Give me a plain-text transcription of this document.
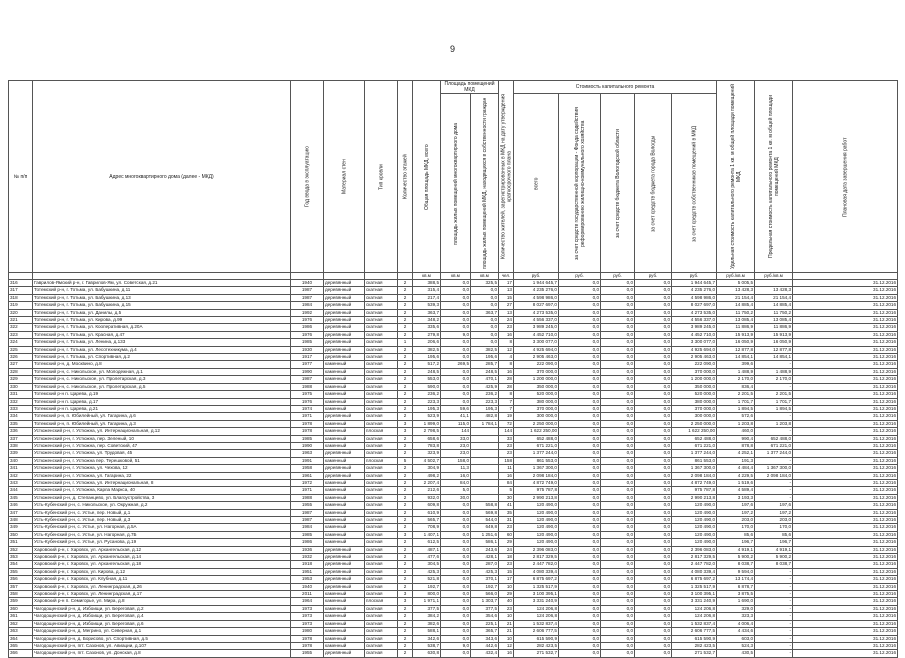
9
№ п/п	Адрес многоквартирного дома (далее - МКД)	Год ввода в эксплуатацию	Материал стен	Тип кровли	Количество этажей	Общая площадь МКД, всего	Площадь помещений МКД		Количество жителей, зарегистрированных в МКД на дату утверждения краткосрочного плана	Стоимость капитального ремонта					Удельная стоимость капитального ремонта 1 кв. м общей площади помещений МКД	Предельная стоимость капитального ремонта 1 кв. м общей площади помещений МКД	Плановая дата завершения работ
							площадь жилых помещений многоквартирного дома	площадь жилых помещений МКД, находящихся в собственности граждан		всего	за счет средств государственной корпорации - Фонда содействия реформированию жилищно-коммунального хозяйства	за счет средств бюджета Вологодской области	за счет средств бюджета города Вологды	за счет средств собственников помещений в МКД			
						кв.м	кв.м	кв.м	чел.	руб.	руб.	руб.	руб.	руб.	руб./кв.м	руб./кв.м	
316	Гаврилов-Ямский р-н, г. Гаврилов-Ям, ул. Советская, д.21	1940	деревянный	скатная	2	388,5	0,0	325,5	17	1 944 645,7	0,0	0,0	0,0	1 944 645,7	5 005,5		31.12.2016
317	Тотемский р-н, г. Тотьма, ул. Бабушкина, д.11	1987	деревянный	скатная	2	315,4	0,0	0,0	13	4 235 276,0	0,0	0,0	0,0	4 235 276,0	13 428,3	13 428,3	31.12.2016
318	Тотемский р-н, г. Тотьма, ул. Бабушкина, д.13	1987	деревянный	скатная	2	217,4	0,0	0,0	15	4 598 986,0	0,0	0,0	0,0	4 598 986,0	21 154,4	21 154,4	31.12.2016
319	Тотемский р-н, г. Тотьма, ул. Бабушкина, д.15	1984	деревянный	скатная	2	539,3	0,0	0,0	27	8 027 697,0	0,0	0,0	0,0	8 027 697,0	14 885,4	14 885,4	31.12.2016
320	Тотемский р-н, г. Тотьма, ул. Данилы, д.5	1992	деревянный	скатная	2	363,7	0,0	363,7	13	4 273 535,0	0,0	0,0	0,0	4 273 535,0	11 750,2	11 750,2	31.12.2016
321	Тотемский р-н, г. Тотьма, ул. Кирова, д.99	1976	деревянный	скатная	2	348,2	0,0	0,0	24	4 556 337,0	0,0	0,0	0,0	4 556 337,0	13 085,4	13 085,4	31.12.2016
322	Тотемский р-н, г. Тотьма, ул. Кооперативная, д.20А	1986	деревянный	скатная	2	335,6	0,0	0,0	23	3 989 245,0	0,0	0,0	0,0	3 989 245,0	11 886,9	11 886,9	31.12.2016
323	Тотемский р-н, г. Тотьма, ул. Красная, д.47	1976	деревянный	скатная	2	279,8	9,0	0,0	16	4 452 710,0	0,0	0,0	0,0	4 452 710,0	15 913,9	15 913,9	31.12.2016
324	Тотемский р-н, г. Тотьма, ул. Ленина, д.133	1985	деревянный	скатная	1	206,6	0,0	0,0	8	3 300 077,0	0,0	0,0	0,0	3 300 077,0	16 050,9	16 050,9	31.12.2016
325	Тотемский р-н, г. Тотьма, ул. Лесотехникума, д.4	1930	деревянный	скатная	2	382,5	0,0	382,5	12	4 925 694,0	0,0	0,0	0,0	4 925 694,0	12 877,8	12 877,8	31.12.2016
326	Тотемский р-н, г. Тотьма, ул. Спортивная, д.2	1917	деревянный	скатная	2	195,6	0,0	195,6	4	2 905 463,0	0,0	0,0	0,0	2 905 463,0	14 854,1	14 854,1	31.12.2016
327	Тотемский р-н, д. Москвино, д.8	1977	каменный	скатная	2	517,2	269,5	285,7	8	222 090,0	0,0	0,0	0,0	222 090,0	399,6	-	31.12.2016
328	Тотемский р-н, с. Никольское, ул. Молодежная, д.1	1990	каменный	скатная	2	248,5	0,0	248,5	16	370 000,0	0,0	0,0	0,0	370 000,0	1 488,9	1 488,9	31.12.2016
329	Тотемский р-н, с. Никольское, ул. Пролетарская, д.3	1987	каменный	скатная	2	553,0	0,0	470,1	28	1 200 000,0	0,0	0,0	0,0	1 200 000,0	2 170,0	2 170,0	31.12.2016
330	Тотемский р-н, с. Никольское, ул. Пролетарская, д.5	1988	каменный	скатная	2	590,0	0,0	425,9	28	350 000,0	0,0	0,0	0,0	350 000,0	836,4	-	31.12.2016
331	Тотемский р-н п. Царева, д.19	1975	каменный	скатная	2	236,2	0,0	236,2	8	520 000,0	0,0	0,0	0,0	520 000,0	2 201,5	2 201,5	31.12.2016
332	Тотемский р-н п. Царева, д.17	1976	каменный	скатная	2	223,3	0,0	223,3	7	380 000,0	0,0	0,0	0,0	380 000,0	1 701,7	1 701,7	31.12.2016
333	Тотемский р-н п. Царева, д.21	1974	каменный	скатная	2	195,3	59,6	195,3	7	370 000,0	0,0	0,0	0,0	370 000,0	1 894,5	1 894,5	31.12.2016
334	Тотемский р-н, п. Юбилейный, ул. Гагарина, д.6	1971	деревянный	скатная	2	523,9	41,1	482,8	19	300 000,0	0,0	0,0	0,0	300 000,0	572,6	-	31.12.2016
335	Тотемский р-н, п. Юбилейный, ул. Гагарина, д.3	1978	каменный	скатная	3	1 899,0	115,0	1 784,1	72	2 250 000,0	0,0	0,0	0,0	2 250 000,0	1 203,8	1 203,8	31.12.2016
336	Устюженский р-н, г. Устюжна, ул. Интернациональная, д.12	1978	каменный	плоская	3	2 798,5	144		144	1 622 250,00	0,0	0,0	0,0	1 622 250,00	460,0	-	31.12.2016
337	Устюженский р-н, г. Устюжна, пер. Зеленый, 10	1985	каменный	скатная	2	658,6	33,0		33	652 488,0	0,0	0,0	0,0	652 488,0	990,4	652 488,0	31.12.2016
338	Устюженский р-н, г. Устюжна, пер. Советский, 47	1990	каменный	скатная	2	783,8	23,0		23	671 221,0	0,0	0,0	0,0	671 221,0	878,8	671 221,0	31.12.2016
339	Устюженский р-н, г. Устюжна, ул. Трудовая, 45	1963	деревянный	скатная	2	323,9	23,0		23	1 377 244,0	0,0	0,0	0,0	1 377 244,0	4 252,1	1 377 244,0	31.12.2016
340	Устюженский р-н, г. Устюжна пер. Терешковой, 51	1991	каменный	плоская	5	4 502,7	158,0		158	861 553,0	0,0	0,0	0,0	861 553,0	191,3	-	31.12.2016
341	Устюженский р-н, г. Устюжна, ул. Чехова, 12	1958	деревянный	скатная	2	304,9	11,3		11	1 367 300,0	0,0	0,0	0,0	1 367 300,0	4 484,4	1 367 300,0	31.12.2016
342	Устюженский р-н, г. Устюжна, ул. Гагарина, 22	1961	деревянный	скатная	2	498,2	16,0		16	2 098 184,0	0,0	0,0	0,0	2 098 184,0	4 229,5	2 098 184,0	31.12.2016
343	Устюженский р-н, г. Устюжна, ул. Интернациональная, 8	1972	каменный	скатная	2	2 207,4	84,0		84	4 872 749,0	0,0	0,0	0,0	4 872 749,0	1 519,6	-	31.12.2016
344	Устюженский р-н, г. Устюжна, Карла Маркса, 40	1971	каменный	скатная	2	212,6	5,0		5	975 787,8	0,0	0,0	0,0	975 787,8	4 589,4	-	31.12.2016
345	Устюженский р-н, д. Степанцево, ул. Благоустройства, 3	1988	каменный	скатная	2	932,0	30,0		30	2 990 213,8	0,0	0,0	0,0	2 990 213,8	3 193,3	-	31.12.2016
346	Усть-Кубенский р-н, с. Никольское, ул. Окружная, д.2	1955	каменный	скатная	2	609,8	0,0	558,8	41	120 490,0	0,0	0,0	0,0	120 490,0	197,6	197,6	31.12.2016
347	Усть-Кубенский р-н, с. Устье, пер. Новый, д.1	1987	каменный	скатная	2	610,9	0,0	569,8	35	120 490,0	0,0	0,0	0,0	120 490,0	197,2	197,2	31.12.2016
348	Усть-Кубенский р-н, с. Устье, пер. Новый, д.3	1987	каменный	скатная	2	565,7	0,0	544,0	31	120 490,0	0,0	0,0	0,0	120 490,0	203,0	203,0	31.12.2016
349	Усть-Кубенский р-н, с. Устье, ул. Нагорная, д.5А	1984	каменный	скатная	2	708,9	0,0	649,8	23	120 490,0	0,0	0,0	0,0	120 490,0	170,0	170,0	31.12.2016
350	Усть-Кубенский р-н, с. Устье, ул. Нагорная, д.7Б	1985	каменный	скатная	3	1 407,1	0,0	1 251,6	60	120 490,0	0,0	0,0	0,0	120 490,0	85,6	85,6	31.12.2016
351	Усть-Кубенский р-н, с. Устье, ул. Русанова, д.19	1986	каменный	скатная	2	612,5	0,0	586,1	29	120 490,0	0,0	0,0	0,0	120 490,0	196,7	196,7	31.12.2016
352	Харовский р-н, г. Харовск, ул. Архангельская, д.12	1936	деревянный	скатная	2	487,1	0,0	243,6	24	2 396 083,0	0,0	0,0	0,0	2 396 083,0	4 919,1	4 919,1	31.12.2016
353	Харовский р-н, г. Харовск, ул. Архангельская, д.14	1932	деревянный	скатная	2	477,6	0,0	428,1	18	2 817 329,5	0,0	0,0	0,0	2 817 329,5	5 900,2	5 900,2	31.12.2016
354	Харовский р-н, г. Харовск, ул. Архангельская, д.18	1918	деревянный	скатная	2	304,5	0,0	287,0	23	2 447 782,0	0,0	0,0	0,0	2 447 782,0	8 038,7	8 038,7	31.12.2016
355	Харовский р-н, г. Харовск, ул. Кирова, д.12	1951	деревянный	скатная	2	425,3	0,0	425,3	15	4 080 339,4	0,0	0,0	0,0	4 080 339,4	9 594,0	-	31.12.2016
356	Харовский р-н, г. Харовск, ул. Клубная, д.11	1953	деревянный	скатная	2	521,8	0,0	370,1	17	6 875 697,2	0,0	0,0	0,0	6 875 697,2	13 174,4	-	31.12.2016
357	Харовский р-н, г. Харовск, ул. Ленинградская, д.26	1940	деревянный	скатная	2	192,7	0,0	192,7	10	1 325 517,9	0,0	0,0	0,0	1 325 517,9	6 878,7	-	31.12.2016
358	Харовский р-н, г. Харовск, ул. Ленинградская, д.17	2011	каменный	скатная	3	800,0	0,0	566,0	29	3 100 395,1	0,0	0,0	0,0	3 100 395,1	3 875,5	-	31.12.2016
359	Харовский р-н п. Семигорье, ул. Мира, д.8	1964	каменный	плоская	3	1 971,1	0,0	1 303,7	40	3 331 240,9	0,0	0,0	0,0	3 331 240,9	1 690,0	-	31.12.2016
360	Чагодощенский р-н, д. Избоищи, ул. Береговая, д.2	1973	каменный	скатная	2	377,5	0,0	377,5	23	124 206,8	0,0	0,0	0,0	124 206,8	329,0	-	31.12.2016
361	Чагодощенский р-н, д. Избоищи, ул. Береговая, д.4	1973	каменный	скатная	2	384,2	0,0	354,6	10	124 206,8	0,0	0,0	0,0	124 206,8	323,3	-	31.12.2016
362	Чагодощенский р-н, д. Избоищи, ул. Береговая, д.6	1973	каменный	скатная	2	382,6	0,0	225,1	21	1 532 837,4	0,0	0,0	0,0	1 532 837,4	4 006,4	-	31.12.2016
363	Чагодощенский р-н, д. Мегрино, ул. Северная, д.1	1980	каменный	скатная	2	588,1	0,0	365,7	21	2 606 777,5	0,0	0,0	0,0	2 606 777,5	4 434,6	-	31.12.2016
364	Чагодощенский р-н, д. Борисово, ул. Спортивная, д.5	1978	каменный	скатная	2	342,6	0,0	343,6	10	615 590,9	0,0	0,0	0,0	615 590,9	603,0	-	31.12.2016
365	Чагодощенский р-н, пгт. Сазонов, ул. Авиации, д.107	1978	каменный	скатная	2	538,7	9,0	442,6	12	282 423,5	0,0	0,0	0,0	282 423,5	524,3	-	31.12.2016
366	Чагодощенский р-н, пгт. Сазонов, ул. Донская, д.8	1955	деревянный	скатная	2	630,8	0,0	432,4	16	271 532,7	0,0	0,0	0,0	271 532,7	430,5	-	31.12.2016
